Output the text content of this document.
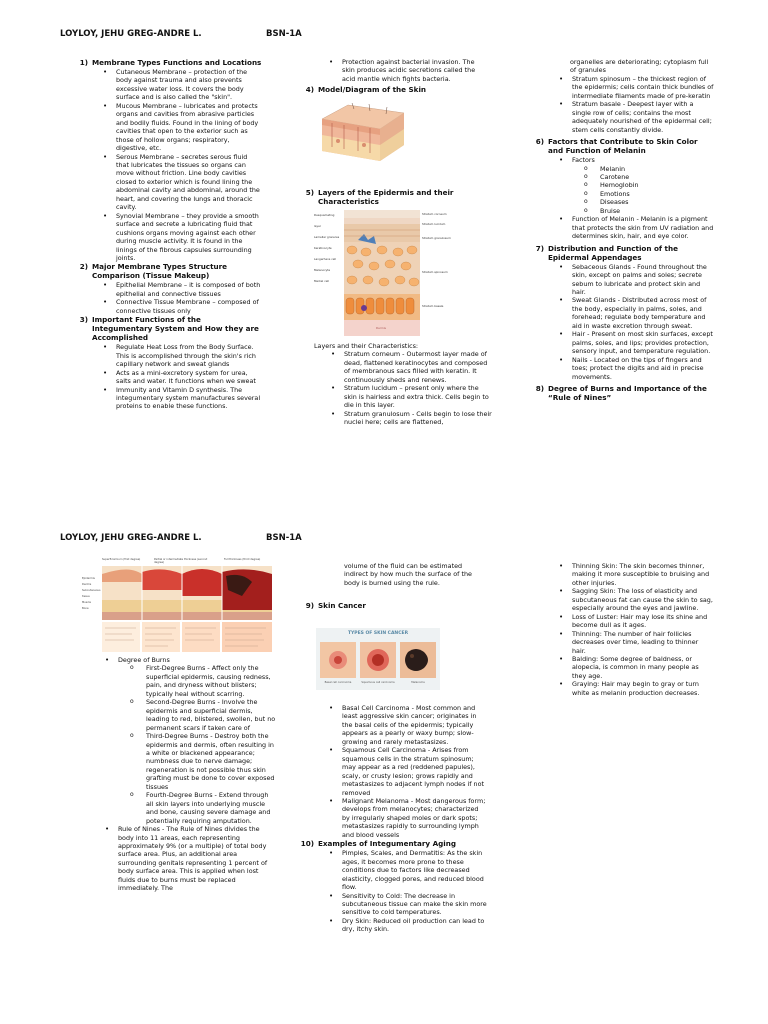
LOYLOY, JEHU GREG-ANDRE L.	BSN-1A
1) Membrane Types Functions and Locations
• Cutaneous Membrane – protection of the body against trauma and also prevents excessive water loss. It covers the body surface and is also called the "skin".
• Mucous Membrane – lubricates and protects organs and cavities from abrasive particles and bodily fluids. Found in the lining of body cavities that open to the exterior such as those of hollow organs; respiratory, digestive, etc.
• Serous Membrane – secretes serous fluid that lubricates the tissues so organs can move without friction. Line body cavities closed to exterior which is found lining the abdominal cavity and abdominal, around the heart, and covering the lungs and thoracic cavity.
• Synovial Membrane – they provide a smooth surface and secrete a lubricating fluid that cushions organs moving against each other during muscle activity. It is found in the linings of the fibrous capsules surrounding joints.
2) Major Membrane Types Structure Comparison (Tissue Makeup)
• Epithelial Membrane – it is composed of both epithelial and connective tissues
• Connective Tissue Membrane – composed of connective tissues only
3) Important Functions of the Integumentary System and How they are Accomplished
• Regulate Heat Loss from the Body Surface. This is accomplished through the skin's rich capillary network and sweat glands
• Acts as a mini-excretory system for urea, salts and water. It functions when we sweat
• Immunity and Vitamin D synthesis. The integumentary system manufactures several proteins to enable these functions.
• Protection against bacterial invasion. The skin produces acidic secretions called the acid mantle which fights bacteria.
4) Model/Diagram of the Skin
5) Layers of the Epidermis and their Characteristics
Desquamating layer
Lamellar granules
Keratinocyte
Langerhans cell
Melanocyte
Merkel cell
Stratum corneum
Stratum lucidum
Stratum granulosum
Stratum spinosum
Stratum basale
Dermis
Layers and their Characteristics:
• Stratum corneum - Outermost layer made of dead, flattened keratinocytes and composed of membranous sacs filled with keratin. It continuously sheds and renews.
• Stratum lucidum – present only where the skin is hairless and extra thick. Cells begin to die in this layer.
• Stratum granulosum - Cells begin to lose their nuclei here; cells are flattened,
organelles are deteriorating; cytoplasm full of granules
• Stratum spinosum – the thickest region of the epidermis; cells contain thick bundles of intermediate filaments made of pre-keratin
• Stratum basale - Deepest layer with a single row of cells; contains the most adequately nourished of the epidermal cell; stem cells constantly divide.
6) Factors that Contribute to Skin Color and Function of Melanin
• Factors
o Melanin
o Carotene
o Hemoglobin
o Emotions
o Diseases
o Bruise
• Function of Melanin - Melanin is a pigment that protects the skin from UV radiation and determines skin, hair, and eye color.
7) Distribution and Function of the Epidermal Appendages
• Sebaceous Glands - Found throughout the skin, except on palms and soles; secrete sebum to lubricate and protect skin and hair.
• Sweat Glands - Distributed across most of the body, especially in palms, soles, and forehead; regulate body temperature and aid in waste excretion through sweat.
• Hair - Present on most skin surfaces, except palms, soles, and lips; provides protection, sensory input, and temperature regulation.
• Nails - Located on the tips of fingers and toes; protect the digits and aid in precise movements.
8) Degree of Burns and Importance of the “Rule of Nines”
LOYLOY, JEHU GREG-ANDRE L.	BSN-1A
Superficial burn (first degree)	Partial or intermediate thickness (second degree)
Full thickness (third degree)
Epidermis
Dermis
Subcutaneous tissue
Muscle
Bone
• Degree of Burns
o First-Degree Burns - Affect only the superficial epidermis, causing redness, pain, and dryness without blisters; typically heal without scarring.
o Second-Degree Burns - Involve the epidermis and superficial dermis, leading to red, blistered, swollen, but no permanent scars if taken care of
o Third-Degree Burns - Destroy both the epidermis and dermis, often resulting in a white or blackened appearance; numbness due to nerve damage; regeneration is not possible thus skin grafting must be done to cover exposed tissues
o Fourth-Degree Burns - Extend through all skin layers into underlying muscle and bone, causing severe damage and potentially requiring amputation.
• Rule of Nines - The Rule of Nines divides the body into 11 areas, each representing approximately 9% (or a multiple) of total body surface area. Plus, an additional area surrounding genitals representing 1 percent of body surface area. This is applied when lost fluids due to burns must be replaced immediately. The
volume of the fluid can be estimated indirect by how much the surface of the body is burned using the rule.
9) Skin Cancer
TYPES OF SKIN CANCER
Basal cell carcinoma	Squamous cell carcinoma	Melanoma
• Basal Cell Carcinoma - Most common and least aggressive skin cancer; originates in the basal cells of the epidermis; typically appears as a pearly or waxy bump; slow-growing and rarely metastasizes.
• Squamous Cell Carcinoma - Arises from squamous cells in the stratum spinosum; may appear as a red (reddened papules), scaly, or crusty lesion; grows rapidly and metastasizes to adjacent lymph nodes if not removed
• Malignant Melanoma - Most dangerous form; develops from melanocytes; characterized by irregularly shaped moles or dark spots; metastasizes rapidly to surrounding lymph and blood vessels
10) Examples of Integumentary Aging
• Pimples, Scales, and Dermatitis: As the skin ages, it becomes more prone to these conditions due to factors like decreased elasticity, clogged pores, and reduced blood flow.
• Sensitivity to Cold: The decrease in subcutaneous tissue can make the skin more sensitive to cold temperatures.
• Dry Skin: Reduced oil production can lead to dry, itchy skin.
• Thinning Skin: The skin becomes thinner, making it more susceptible to bruising and other injuries.
• Sagging Skin: The loss of elasticity and subcutaneous fat can cause the skin to sag, especially around the eyes and jawline.
• Loss of Luster: Hair may lose its shine and become dull as it ages.
• Thinning: The number of hair follicles decreases over time, leading to thinner hair.
• Balding: Some degree of baldness, or alopecia, is common in many people as they age.
• Graying: Hair may begin to gray or turn white as melanin production decreases.
